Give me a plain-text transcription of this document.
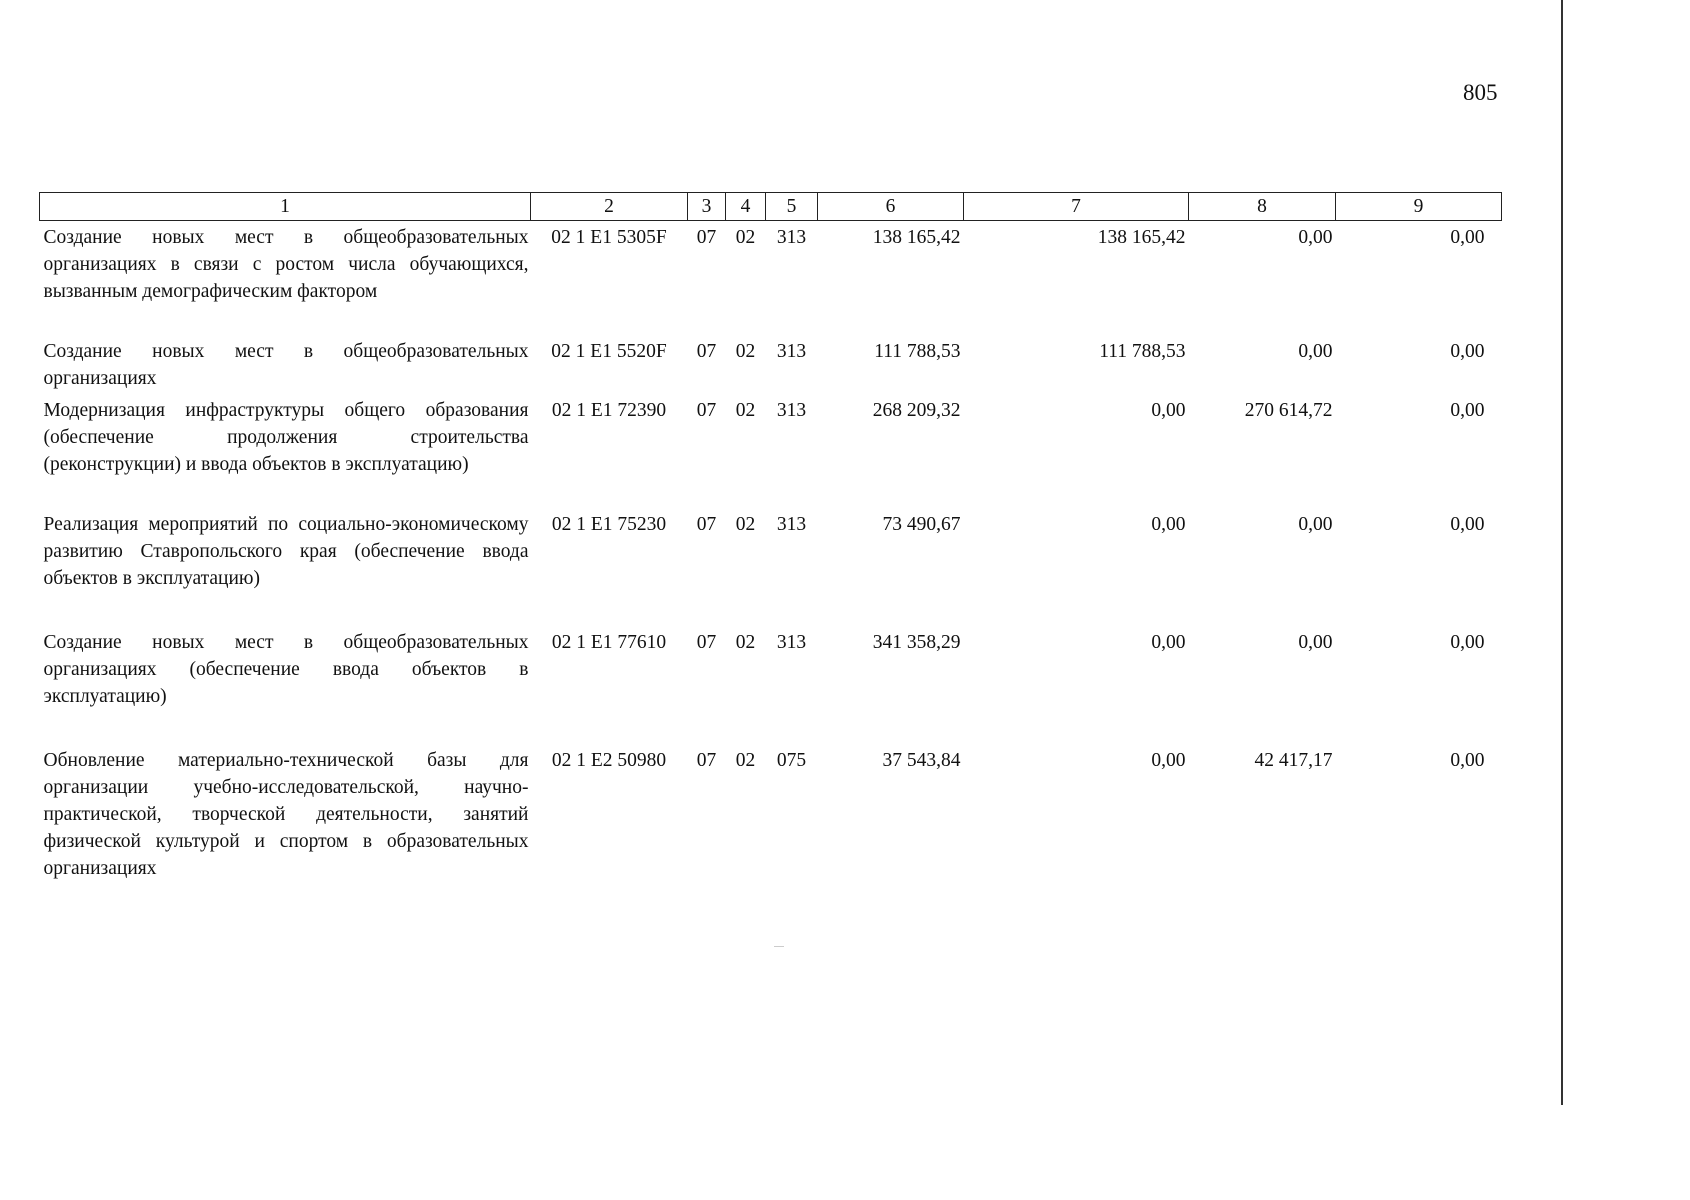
805
1	2	3	4	5	6	7	8	9
Создание новых мест в общеобразовательных организациях в связи с ростом числа обучающихся, вызванным демографическим фактором	02 1 E1 5305F	07	02	313	138 165,42	138 165,42	0,00	0,00
Создание новых мест в общеобразовательных организациях	02 1 E1 5520F	07	02	313	111 788,53	111 788,53	0,00	0,00
Модернизация инфраструктуры общего образования (обеспечение продолжения строительства (реконструкции) и ввода объектов в эксплуатацию)	02 1 E1 72390	07	02	313	268 209,32	0,00	270 614,72	0,00
Реализация мероприятий по социально-экономическому развитию Ставропольского края (обеспечение ввода объектов в эксплуатацию)	02 1 E1 75230	07	02	313	73 490,67	0,00	0,00	0,00
Создание новых мест в общеобразовательных организациях (обеспечение ввода объектов в эксплуатацию)	02 1 E1 77610	07	02	313	341 358,29	0,00	0,00	0,00
Обновление материально-технической базы для организации учебно-исследовательской, научно-практической, творческой деятельности, занятий физической культурой и спортом в образовательных организациях	02 1 E2 50980	07	02	075	37 543,84	0,00	42 417,17	0,00
